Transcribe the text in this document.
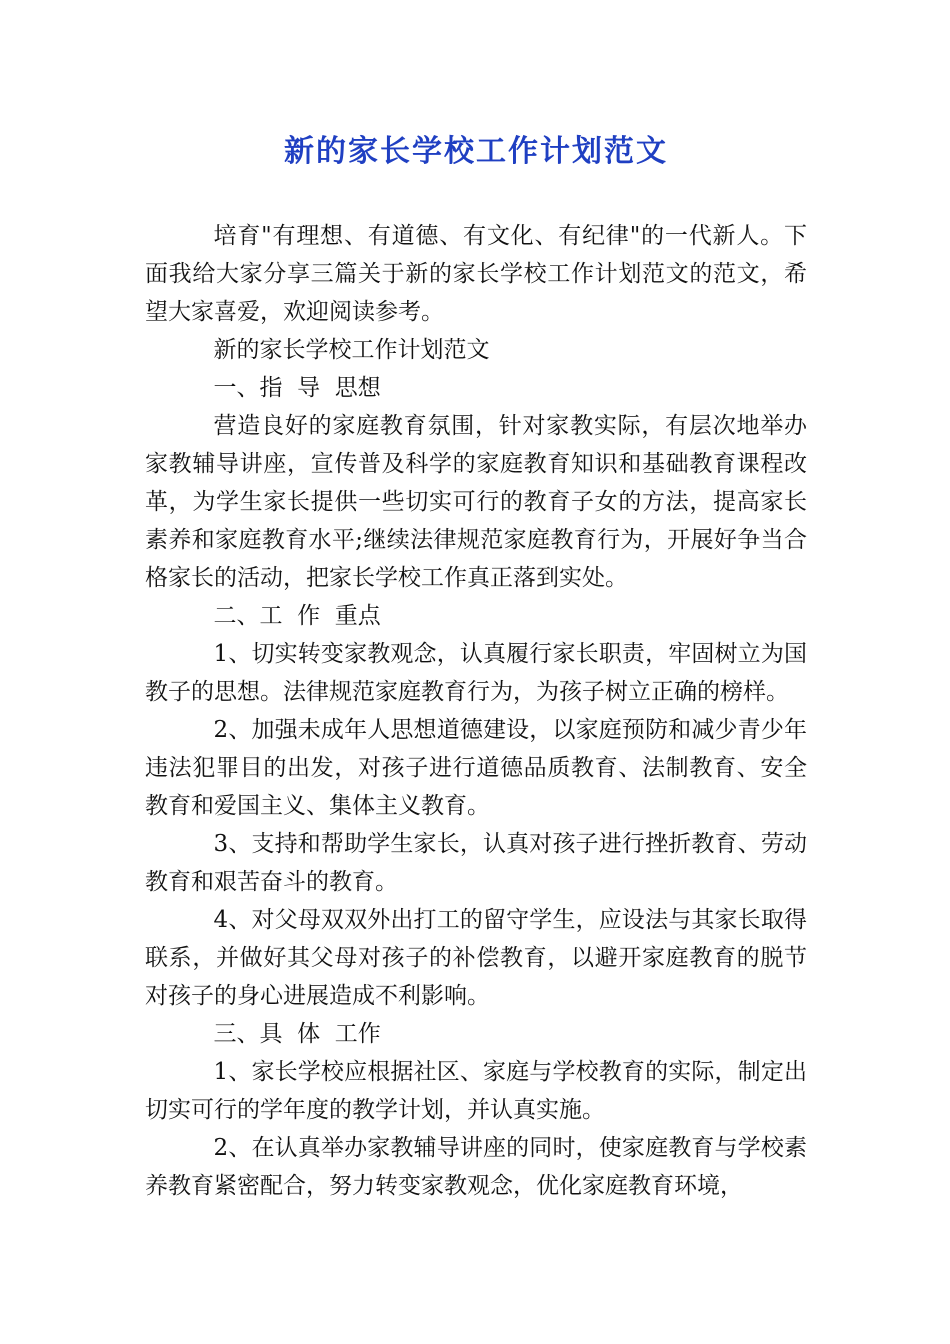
新的家长学校工作计划范文

培育"有理想、有道德、有文化、有纪律"的一代新人。下面我给大家分享三篇关于新的家长学校工作计划范文的范文，希望大家喜爱，欢迎阅读参考。

新的家长学校工作计划范文

一、指  导  思想

营造良好的家庭教育氛围，针对家教实际，有层次地举办家教辅导讲座，宣传普及科学的家庭教育知识和基础教育课程改革，为学生家长提供一些切实可行的教育子女的方法，提高家长素养和家庭教育水平;继续法律规范家庭教育行为，开展好争当合格家长的活动，把家长学校工作真正落到实处。

二、工  作  重点

1、切实转变家教观念，认真履行家长职责，牢固树立为国教子的思想。法律规范家庭教育行为，为孩子树立正确的榜样。

2、加强未成年人思想道德建设，以家庭预防和减少青少年违法犯罪目的出发，对孩子进行道德品质教育、法制教育、安全教育和爱国主义、集体主义教育。

3、支持和帮助学生家长，认真对孩子进行挫折教育、劳动教育和艰苦奋斗的教育。

4、对父母双双外出打工的留守学生，应设法与其家长取得联系，并做好其父母对孩子的补偿教育，以避开家庭教育的脱节对孩子的身心进展造成不利影响。

三、具  体  工作

1、家长学校应根据社区、家庭与学校教育的实际，制定出切实可行的学年度的教学计划，并认真实施。

2、在认真举办家教辅导讲座的同时，使家庭教育与学校素养教育紧密配合，努力转变家教观念，优化家庭教育环境，
